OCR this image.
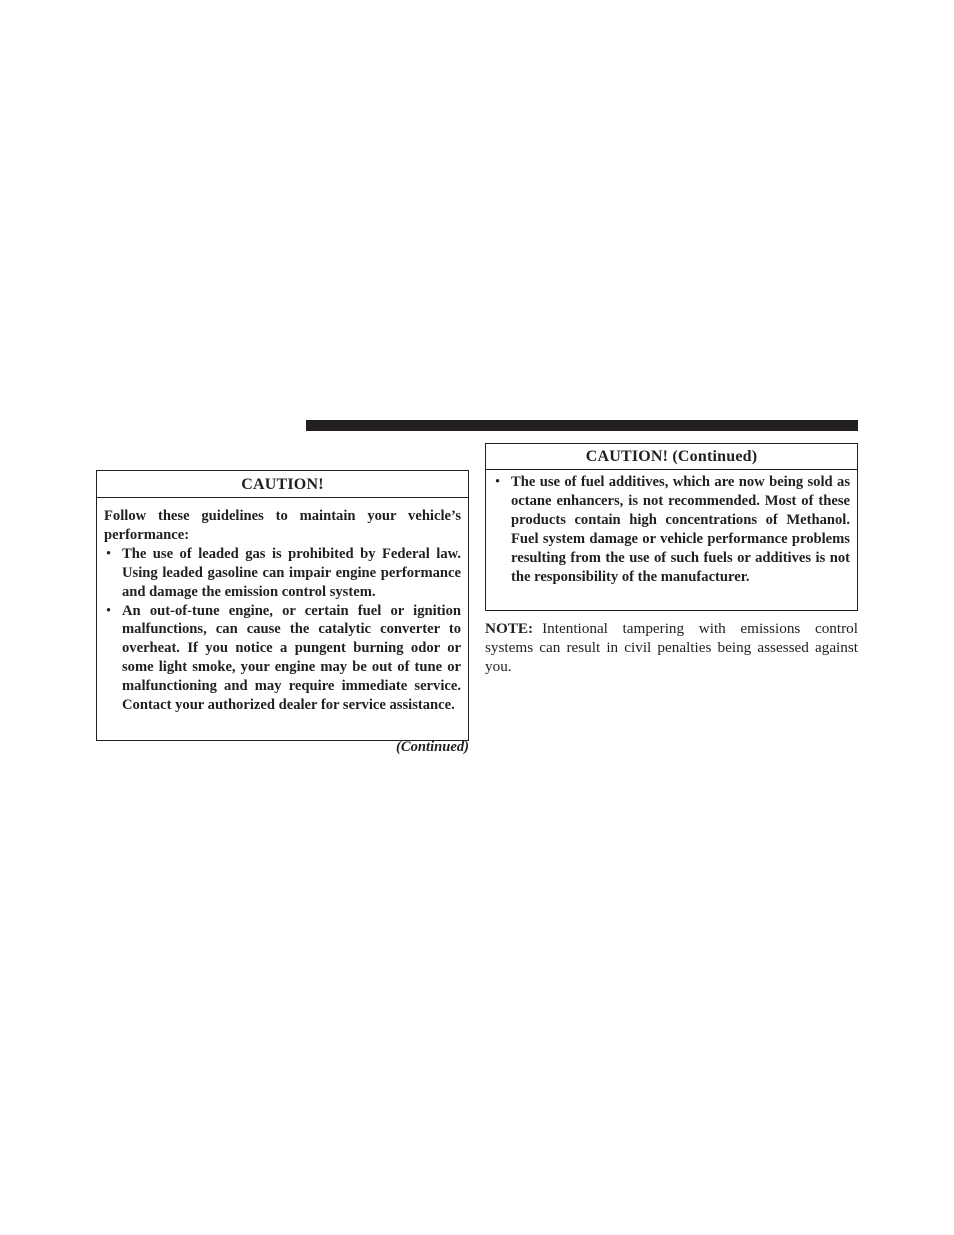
CAUTION!

Follow these guidelines to maintain your vehicle’s performance:

• The use of leaded gas is prohibited by Federal law. Using leaded gasoline can impair engine performance and damage the emission control system.
• An out-of-tune engine, or certain fuel or ignition malfunctions, can cause the catalytic converter to overheat. If you notice a pungent burning odor or some light smoke, your engine may be out of tune or malfunctioning and may require immediate service. Contact your authorized dealer for service assistance.
(Continued)
CAUTION! (Continued)
• The use of fuel additives, which are now being sold as octane enhancers, is not recommended. Most of these products contain high concentrations of Methanol. Fuel system damage or vehicle performance problems resulting from the use of such fuels or additives is not the responsibility of the manufacturer.

NOTE: Intentional tampering with emissions control systems can result in civil penalties being assessed against you.
